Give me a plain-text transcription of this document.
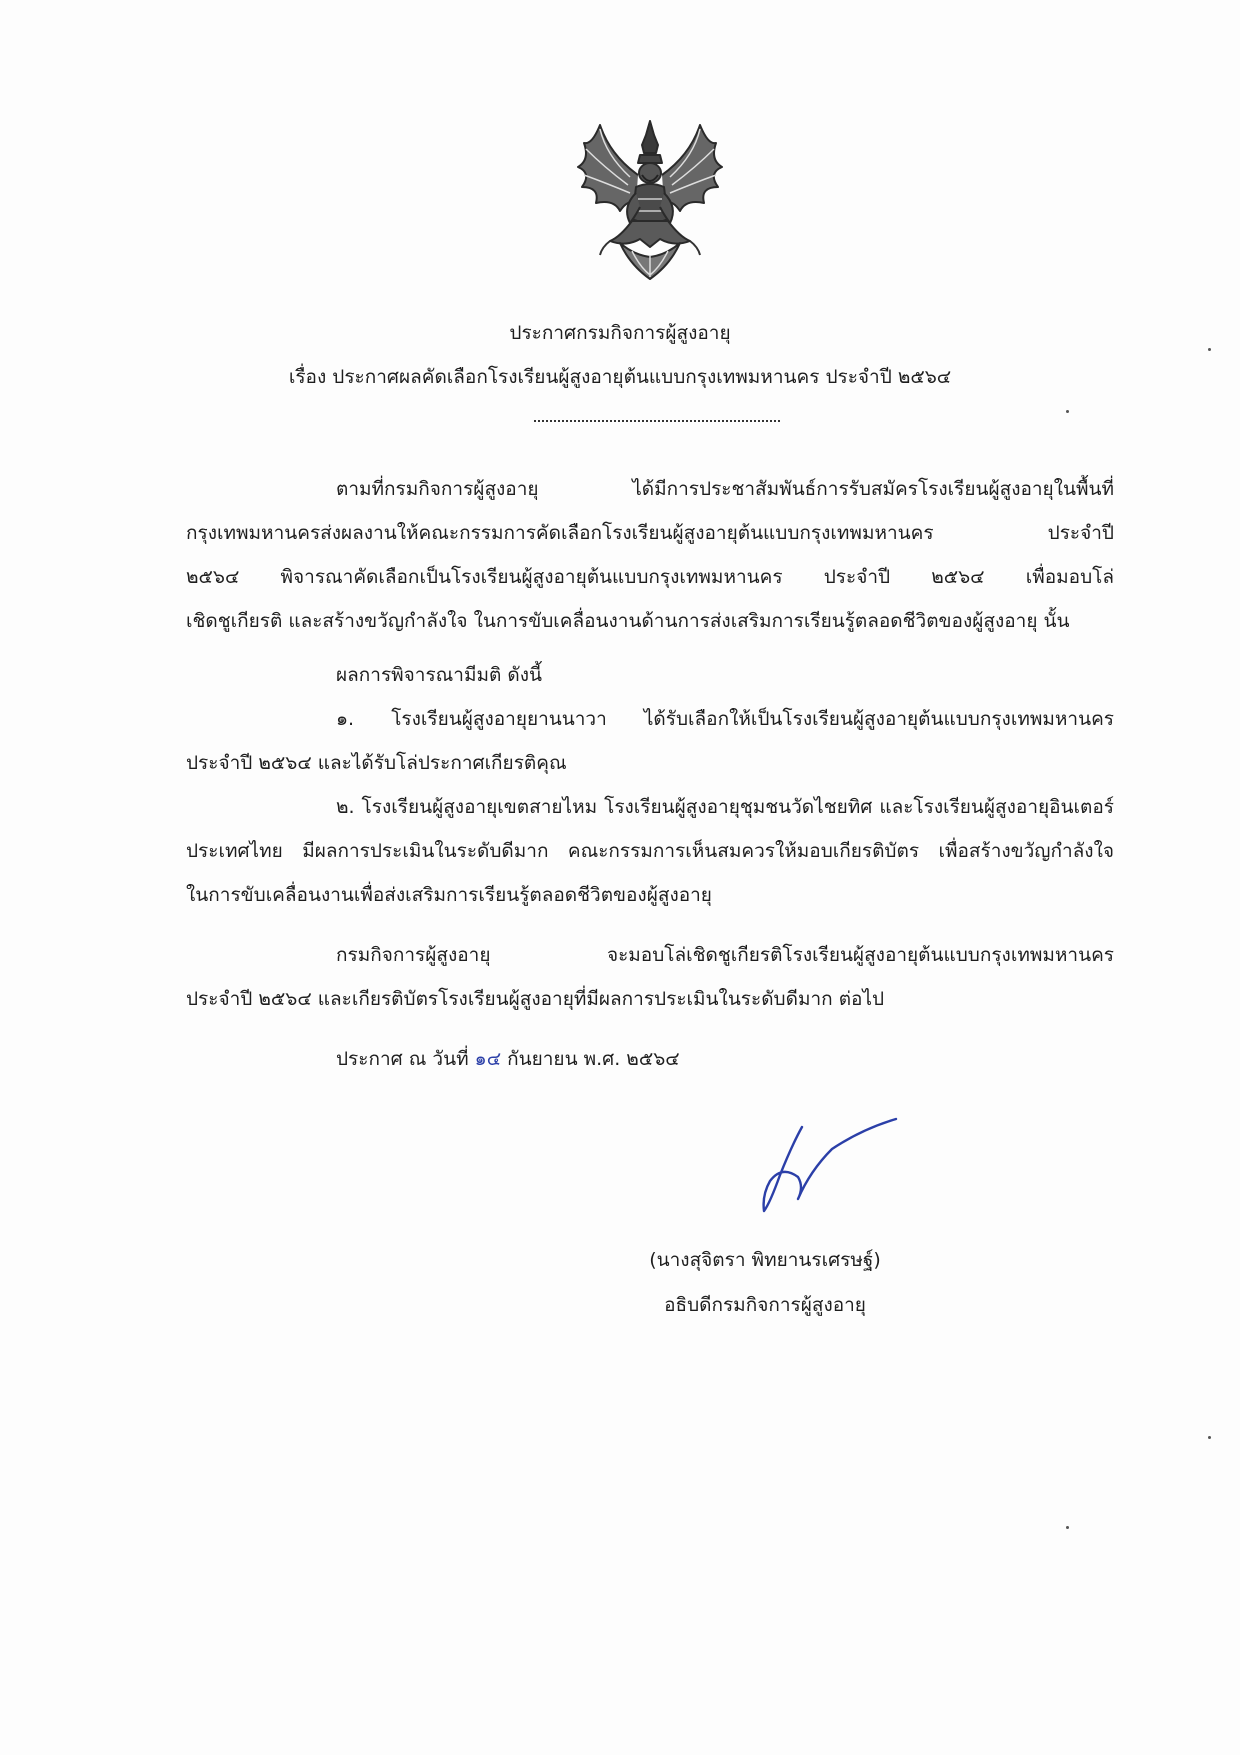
ประกาศกรมกิจการผู้สูงอายุ
เรื่อง ประกาศผลคัดเลือกโรงเรียนผู้สูงอายุต้นแบบกรุงเทพมหานคร ประจำปี ๒๕๖๔

ตามที่กรมกิจการผู้สูงอายุ ได้มีการประชาสัมพันธ์การรับสมัครโรงเรียนผู้สูงอายุในพื้นที่

กรุงเทพมหานครส่งผลงานให้คณะกรรมการคัดเลือกโรงเรียนผู้สูงอายุต้นแบบกรุงเทพมหานคร ประจำปี

๒๕๖๔ พิจารณาคัดเลือกเป็นโรงเรียนผู้สูงอายุต้นแบบกรุงเทพมหานคร ประจำปี ๒๕๖๔ เพื่อมอบโล่

เชิดชูเกียรติ และสร้างขวัญกำลังใจ ในการขับเคลื่อนงานด้านการส่งเสริมการเรียนรู้ตลอดชีวิตของผู้สูงอายุ นั้น

ผลการพิจารณามีมติ ดังนี้

๑. โรงเรียนผู้สูงอายุยานนาวา ได้รับเลือกให้เป็นโรงเรียนผู้สูงอายุต้นแบบกรุงเทพมหานคร

ประจำปี ๒๕๖๔ และได้รับโล่ประกาศเกียรติคุณ

๒. โรงเรียนผู้สูงอายุเขตสายไหม โรงเรียนผู้สูงอายุชุมชนวัดไชยทิศ และโรงเรียนผู้สูงอายุอินเตอร์

ประเทศไทย มีผลการประเมินในระดับดีมาก คณะกรรมการเห็นสมควรให้มอบเกียรติบัตร เพื่อสร้างขวัญกำลังใจ

ในการขับเคลื่อนงานเพื่อส่งเสริมการเรียนรู้ตลอดชีวิตของผู้สูงอายุ

กรมกิจการผู้สูงอายุ จะมอบโล่เชิดชูเกียรติโรงเรียนผู้สูงอายุต้นแบบกรุงเทพมหานคร

ประจำปี ๒๕๖๔ และเกียรติบัตรโรงเรียนผู้สูงอายุที่มีผลการประเมินในระดับดีมาก ต่อไป

ประกาศ ณ วันที่ ๑๔ กันยายน พ.ศ. ๒๕๖๔

(นางสุจิตรา พิทยานรเศรษฐ์)
อธิบดีกรมกิจการผู้สูงอายุ
